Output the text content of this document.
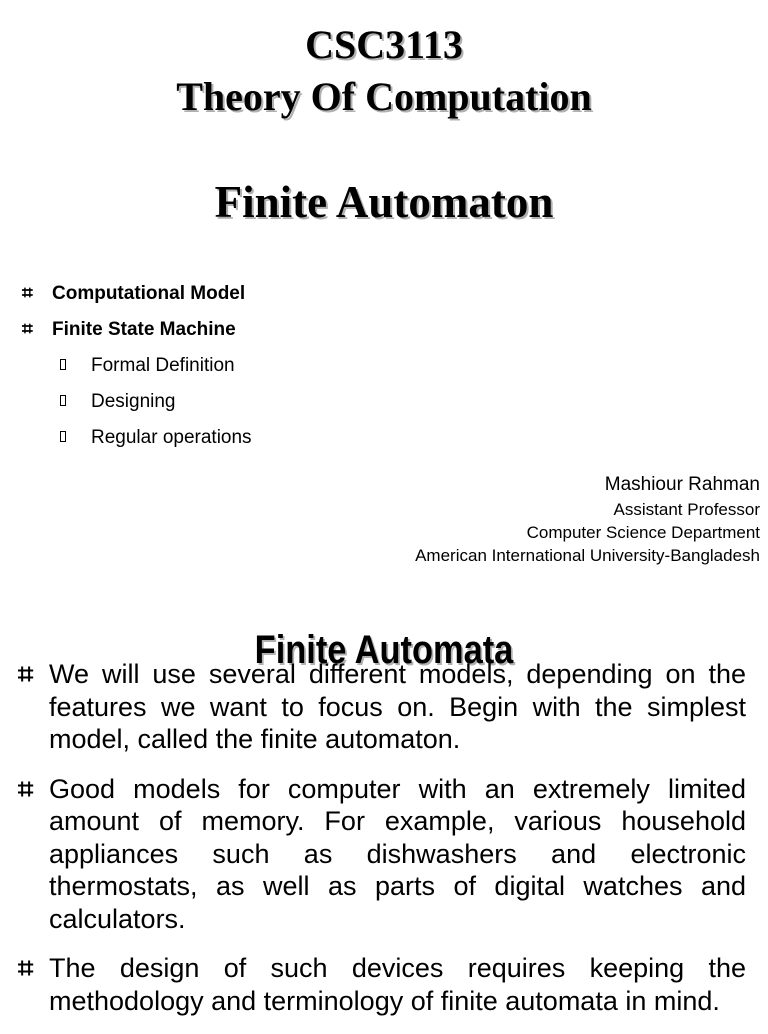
CSC3113
Theory Of Computation
Finite Automaton
⌗ Computational Model
⌗ Finite State Machine
Formal Definition
Designing
Regular operations
Mashiour Rahman
Assistant Professor
Computer Science Department
American International University-Bangladesh
Finite Automata
⌗ We will use several different models, depending on the features we want to focus on. Begin with the simplest model, called the finite automaton.
⌗ Good models for computer with an extremely limited amount of memory. For example, various household appliances such as dishwashers and electronic thermostats, as well as parts of digital watches and calculators.
⌗ The design of such devices requires keeping the methodology and terminology of finite automata in mind.
